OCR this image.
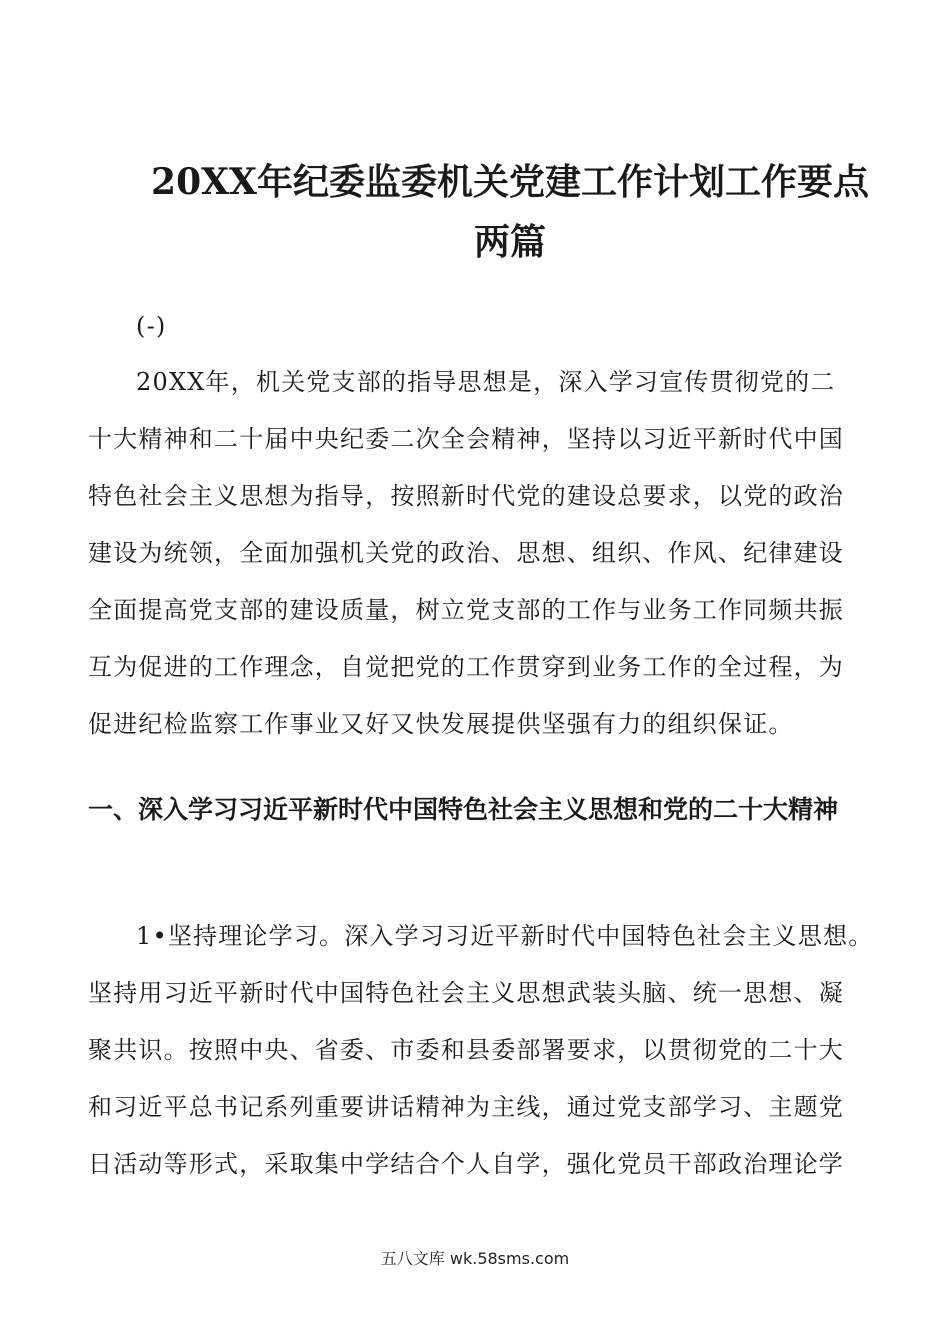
20XX年纪委监委机关党建工作计划工作要点
两篇

(-)

20XX年，机关党支部的指导思想是，深入学习宣传贯彻党的二

十大精神和二十届中央纪委二次全会精神，坚持以习近平新时代中国

特色社会主义思想为指导，按照新时代党的建设总要求，以党的政治

建设为统领，全面加强机关党的政治、思想、组织、作风、纪律建设

全面提高党支部的建设质量，树立党支部的工作与业务工作同频共振

互为促进的工作理念，自觉把党的工作贯穿到业务工作的全过程，为

促进纪检监察工作事业又好又快发展提供坚强有力的组织保证。

一、深入学习习近平新时代中国特色社会主义思想和党的二十大精神

1•坚持理论学习。深入学习习近平新时代中国特色社会主义思想。

坚持用习近平新时代中国特色社会主义思想武装头脑、统一思想、凝

聚共识。按照中央、省委、市委和县委部署要求，以贯彻党的二十大

和习近平总书记系列重要讲话精神为主线，通过党支部学习、主题党

日活动等形式，采取集中学结合个人自学，强化党员干部政治理论学

五八文库 wk.58sms.com
